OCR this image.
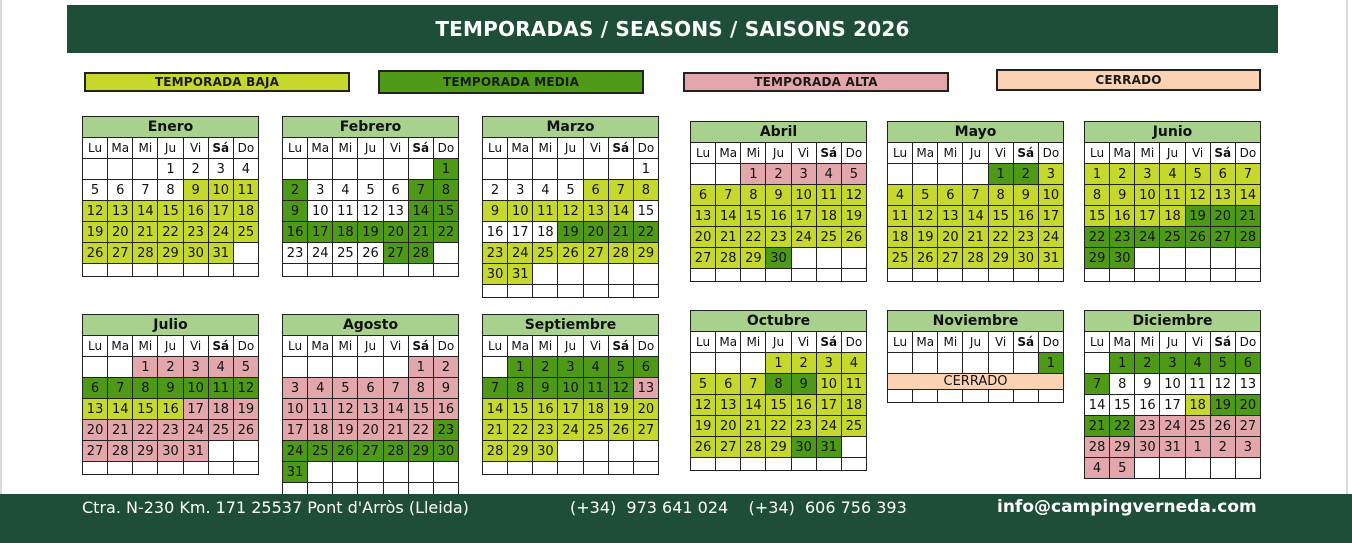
TEMPORADAS / SEASONS / SAISONS 2026
TEMPORADA BAJA	TEMPORADA MEDIA	TEMPORADA ALTA	CERRADO
Enero						
Lu	Ma	Mi	Ju	Vi	Sá	Do
			1	2	3	4
5	6	7	8	9	10	11
12	13	14	15	16	17	18
19	20	21	22	23	24	25
26	27	28	29	30	31	

Febrero						
Lu	Ma	Mi	Ju	Vi	Sá	Do
						1
2	3	4	5	6	7	8
9	10	11	12	13	14	15
16	17	18	19	20	21	22
23	24	25	26	27	28	

Marzo						
Lu	Ma	Mi	Ju	Vi	Sá	Do
						1
2	3	4	5	6	7	8
9	10	11	12	13	14	15
16	17	18	19	20	21	22
23	24	25	26	27	28	29
30	31					

Abril						
Lu	Ma	Mi	Ju	Vi	Sá	Do
		1	2	3	4	5
6	7	8	9	10	11	12
13	14	15	16	17	18	19
20	21	22	23	24	25	26
27	28	29	30			

Mayo						
Lu	Ma	Mi	Ju	Vi	Sá	Do
				1	2	3
4	5	6	7	8	9	10
11	12	13	14	15	16	17
18	19	20	21	22	23	24
25	26	27	28	29	30	31

Junio						
Lu	Ma	Mi	Ju	Vi	Sá	Do
1	2	3	4	5	6	7
8	9	10	11	12	13	14
15	16	17	18	19	20	21
22	23	24	25	26	27	28
29	30					

Julio						
Lu	Ma	Mi	Ju	Vi	Sá	Do
		1	2	3	4	5
6	7	8	9	10	11	12
13	14	15	16	17	18	19
20	21	22	23	24	25	26
27	28	29	30	31		

Agosto						
Lu	Ma	Mi	Ju	Vi	Sá	Do
					1	2
3	4	5	6	7	8	9
10	11	12	13	14	15	16
17	18	19	20	21	22	23
24	25	26	27	28	29	30
31						

Septiembre						
Lu	Ma	Mi	Ju	Vi	Sá	Do
	1	2	3	4	5	6
7	8	9	10	11	12	13
14	15	16	17	18	19	20
21	22	23	24	25	26	27
28	29	30				

Octubre						
Lu	Ma	Mi	Ju	Vi	Sá	Do
			1	2	3	4
5	6	7	8	9	10	11
12	13	14	15	16	17	18
19	20	21	22	23	24	25
26	27	28	29	30	31	

Noviembre						
Lu	Ma	Mi	Ju	Vi	Sá	Do
						1
CERRADO						

Diciembre						
Lu	Ma	Mi	Ju	Vi	Sá	Do
	1	2	3	4	5	6
7	8	9	10	11	12	13
14	15	16	17	18	19	20
21	22	23	24	25	26	27
28	29	30	31	1	2	3
4	5					
Ctra. N-230 Km. 171 25537 Pont d'Arròs (Lleida)	(+34)  973 641 024    (+34)  606 756 393	info@campingverneda.com
